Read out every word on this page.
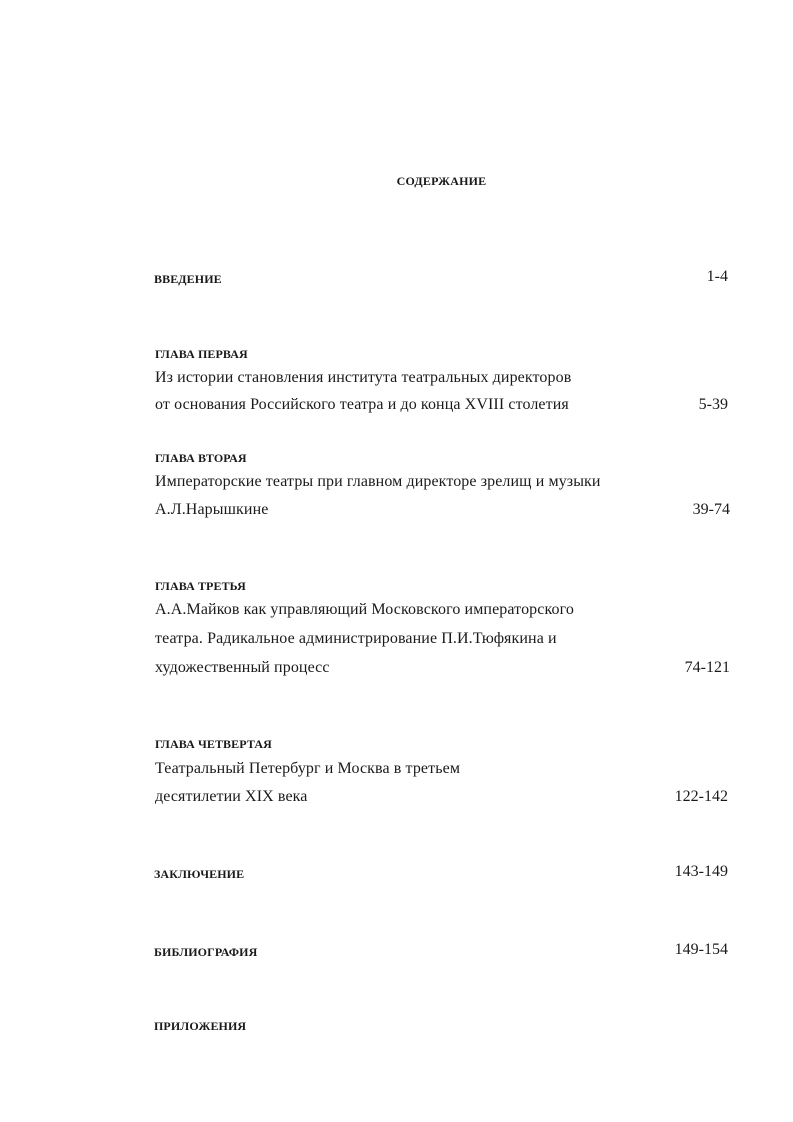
СОДЕРЖАНИЕ
ВВЕДЕНИЕ	1-4
ГЛАВА ПЕРВАЯ
Из истории становления института театральных директоров
от основания Российского театра и до конца XVIII столетия	5-39
ГЛАВА ВТОРАЯ
Императорские театры при главном директоре зрелищ и музыки
А.Л.Нарышкине	39-74
ГЛАВА ТРЕТЬЯ
А.А.Майков как управляющий Московского императорского
театра. Радикальное администрирование П.И.Тюфякина и
художественный процесс	74-121
ГЛАВА ЧЕТВЕРТАЯ
Театральный Петербург и Москва в третьем
десятилетии XIX века	122-142
ЗАКЛЮЧЕНИЕ	143-149
БИБЛИОГРАФИЯ	149-154
ПРИЛОЖЕНИЯ
